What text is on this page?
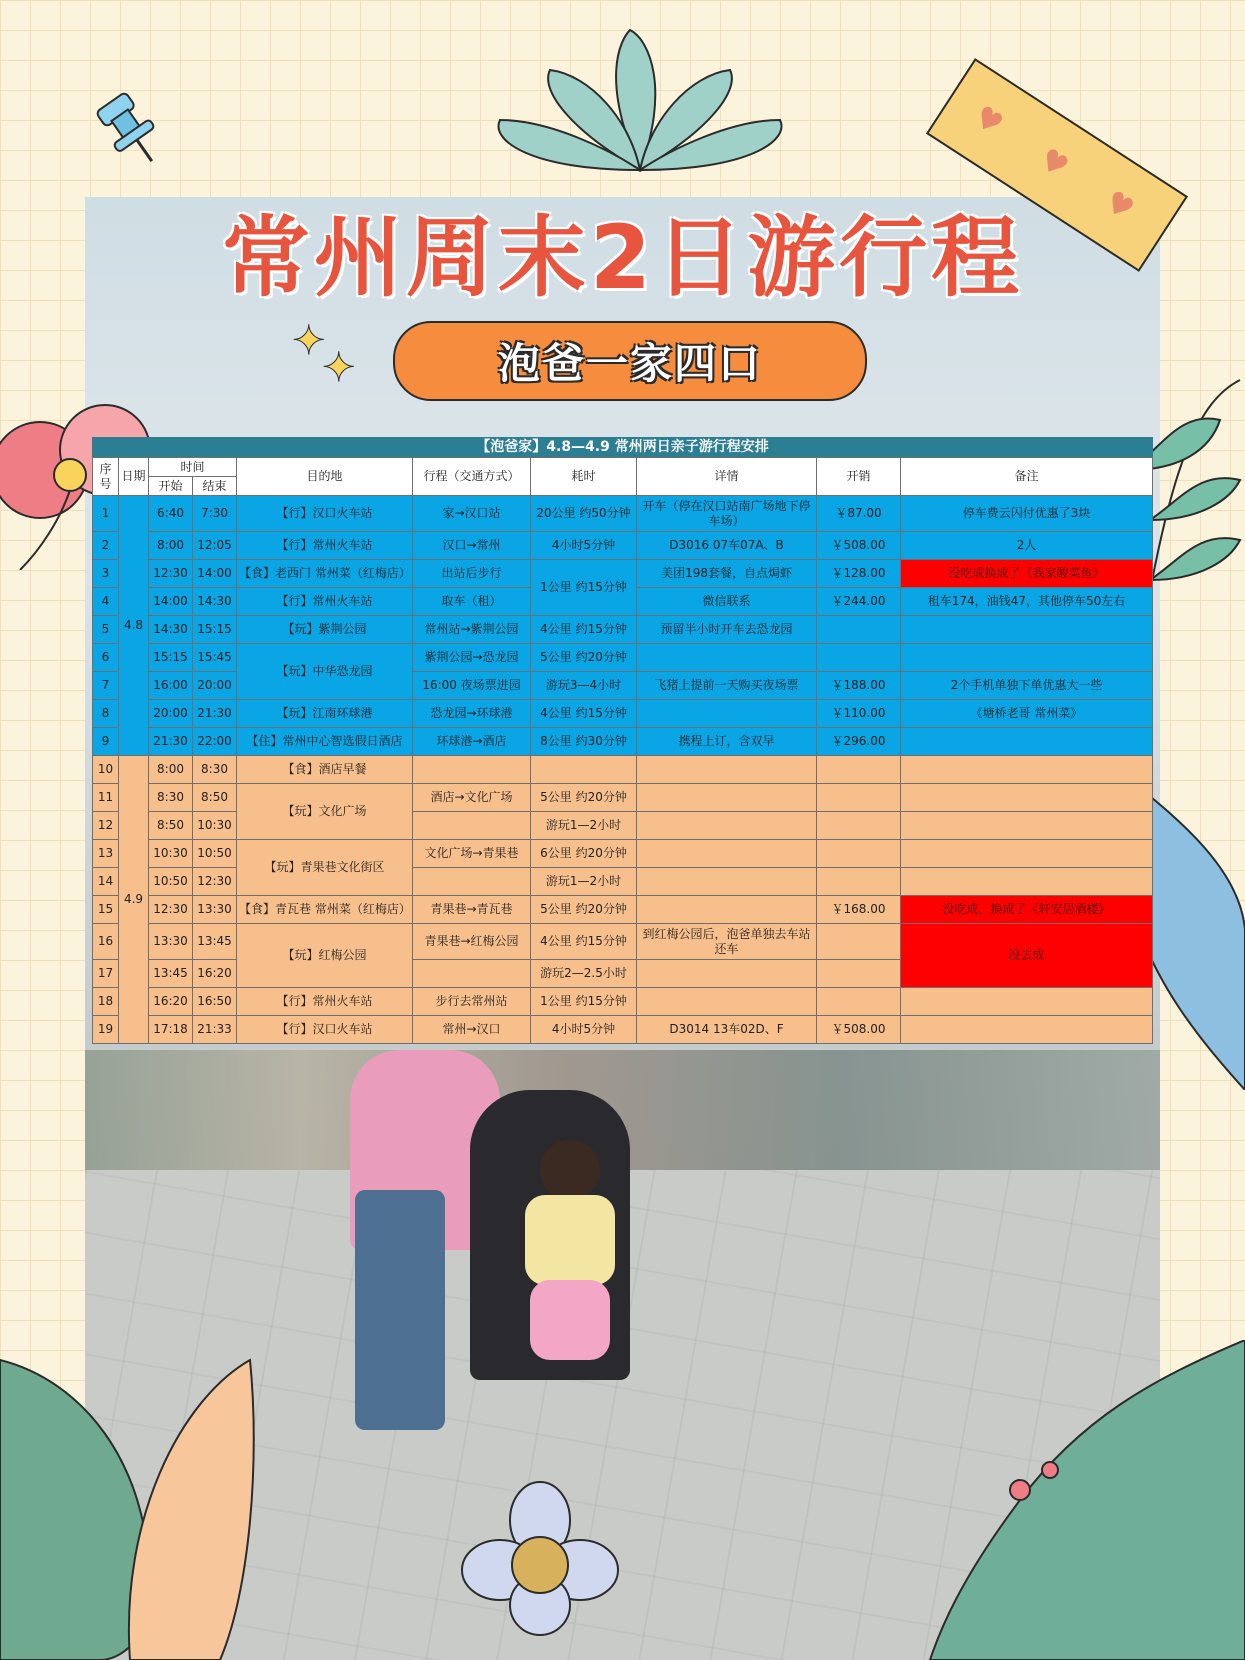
♥
♥
♥
✦
✦
常州周末2日游行程
泡爸一家四口
【泡爸家】4.8—4.9 常州两日亲子游行程安排
序号	日期	时间		目的地	行程（交通方式）	耗时	详情	开销	备注
		开始	结束						
1	4.8	6:40	7:30	【行】汉口火车站	家→汉口站	20公里 约50分钟	开车（停在汉口站南广场地下停车场）	￥87.00	停车费云闪付优惠了3块
2		8:00	12:05	【行】常州火车站	汉口→常州	4小时5分钟	D3016 07车07A、B	￥508.00	2人
3		12:30	14:00	【食】老西门 常州菜（红梅店）	出站后步行	1公里 约15分钟	美团198套餐，自点焗虾	￥128.00	没吃成换成了《我家酸菜鱼》
4		14:00	14:30	【行】常州火车站	取车（租）		微信联系	￥244.00	租车174，油钱47，其他停车50左右
5		14:30	15:15	【玩】紫荆公园	常州站→紫荆公园	4公里 约15分钟	预留半小时开车去恐龙园		
6		15:15	15:45	【玩】中华恐龙园	紫荆公园→恐龙园	5公里 约20分钟			
7		16:00	20:00		16:00 夜场票进园	游玩3—4小时	飞猪上提前一天购买夜场票	￥188.00	2个手机单独下单优惠大一些
8		20:00	21:30	【玩】江南环球港	恐龙园→环球港	4公里 约15分钟		￥110.00	《塘桥老哥 常州菜》
9		21:30	22:00	【住】常州中心智选假日酒店	环球港→酒店	8公里 约30分钟	携程上订，含双早	￥296.00	
10	4.9	8:00	8:30	【食】酒店早餐					
11		8:30	8:50	【玩】文化广场	酒店→文化广场	5公里 约20分钟			
12		8:50	10:30			游玩1—2小时			
13		10:30	10:50	【玩】青果巷文化街区	文化广场→青果巷	6公里 约20分钟			
14		10:50	12:30			游玩1—2小时			
15		12:30	13:30	【食】青瓦巷 常州菜（红梅店）	青果巷→青瓦巷	5公里 约20分钟		￥168.00	没吃成，换成了《轩安居酒楼》
16		13:30	13:45	【玩】红梅公园	青果巷→红梅公园	4公里 约15分钟	到红梅公园后，泡爸单独去车站还车		没去成
17		13:45	16:20			游玩2—2.5小时			
18		16:20	16:50	【行】常州火车站	步行去常州站	1公里 约15分钟			
19		17:18	21:33	【行】汉口火车站	常州→汉口	4小时5分钟	D3014 13车02D、F	￥508.00	
